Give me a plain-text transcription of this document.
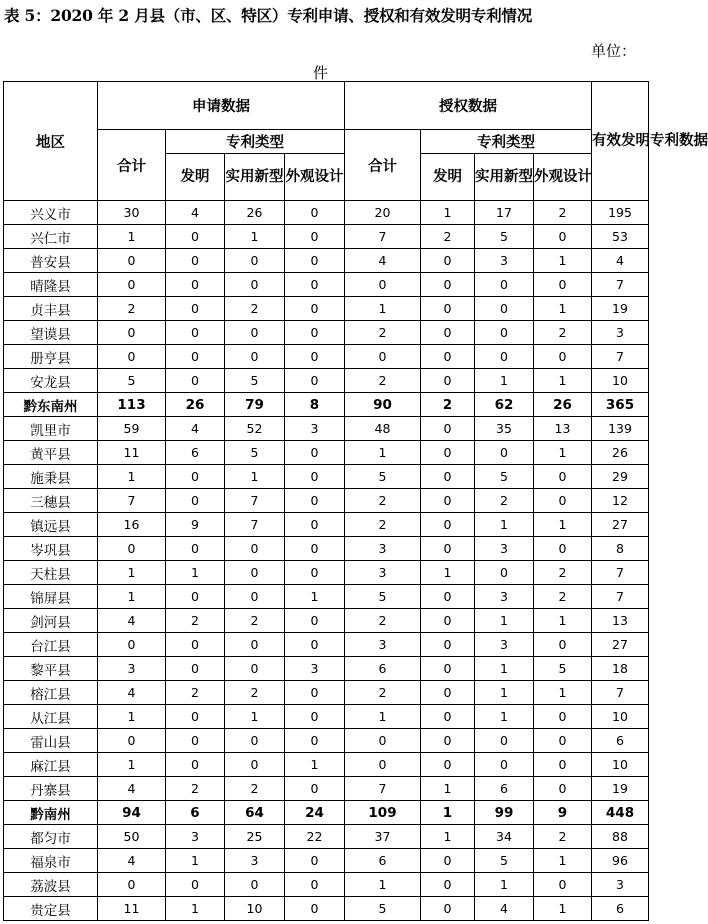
表 5：2020 年 2 月县（市、区、特区）专利申请、授权和有效发明专利情况
单位：
件
地区	申请数据				授权数据				有效发明专利数据
	合计	专利类型			合计	专利类型			
		发明	实用新型	外观设计		发明	实用新型	外观设计	
兴义市	30	4	26	0	20	1	17	2	195
兴仁市	1	0	1	0	7	2	5	0	53
普安县	0	0	0	0	4	0	3	1	4
晴隆县	0	0	0	0	0	0	0	0	7
贞丰县	2	0	2	0	1	0	0	1	19
望谟县	0	0	0	0	2	0	0	2	3
册亨县	0	0	0	0	0	0	0	0	7
安龙县	5	0	5	0	2	0	1	1	10
黔东南州	113	26	79	8	90	2	62	26	365
凯里市	59	4	52	3	48	0	35	13	139
黄平县	11	6	5	0	1	0	0	1	26
施秉县	1	0	1	0	5	0	5	0	29
三穗县	7	0	7	0	2	0	2	0	12
镇远县	16	9	7	0	2	0	1	1	27
岑巩县	0	0	0	0	3	0	3	0	8
天柱县	1	1	0	0	3	1	0	2	7
锦屏县	1	0	0	1	5	0	3	2	7
剑河县	4	2	2	0	2	0	1	1	13
台江县	0	0	0	0	3	0	3	0	27
黎平县	3	0	0	3	6	0	1	5	18
榕江县	4	2	2	0	2	0	1	1	7
从江县	1	0	1	0	1	0	1	0	10
雷山县	0	0	0	0	0	0	0	0	6
麻江县	1	0	0	1	0	0	0	0	10
丹寨县	4	2	2	0	7	1	6	0	19
黔南州	94	6	64	24	109	1	99	9	448
都匀市	50	3	25	22	37	1	34	2	88
福泉市	4	1	3	0	6	0	5	1	96
荔波县	0	0	0	0	1	0	1	0	3
贵定县	11	1	10	0	5	0	4	1	6
